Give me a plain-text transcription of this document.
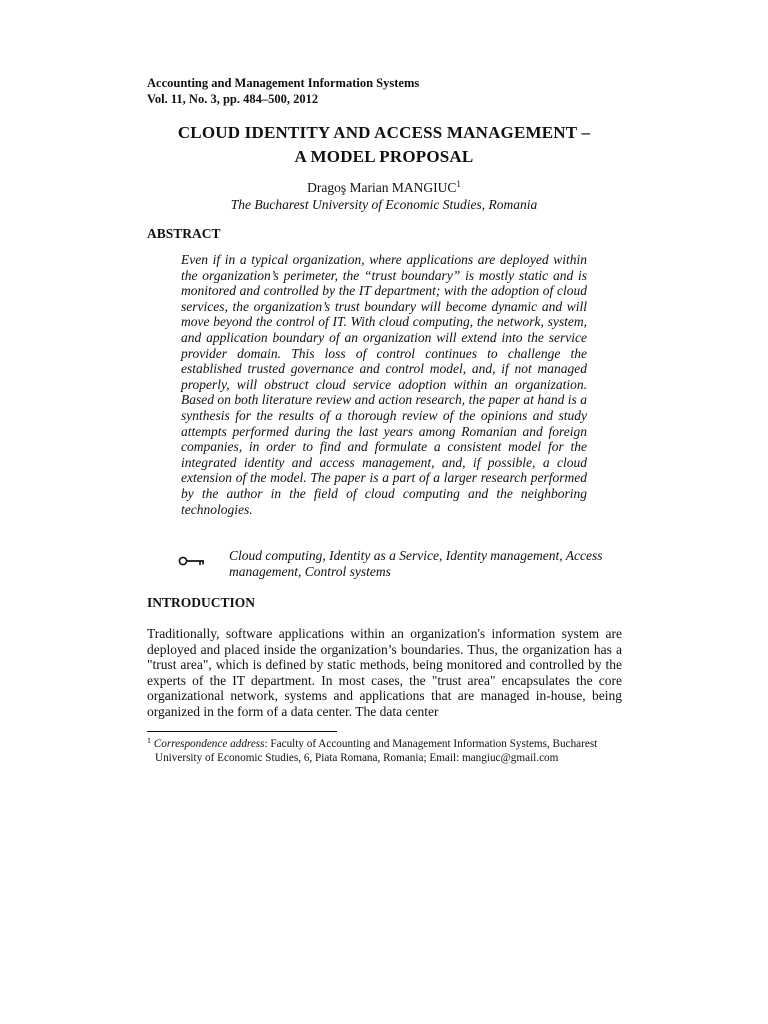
Accounting and Management Information Systems
Vol. 11, No. 3, pp. 484–500, 2012
CLOUD IDENTITY AND ACCESS MANAGEMENT –
A MODEL PROPOSAL
Dragoş Marian MANGIUC$^1$
The Bucharest University of Economic Studies, Romania
ABSTRACT
Even if in a typical organization, where applications are deployed within the organization’s perimeter, the “trust boundary” is mostly static and is monitored and controlled by the IT department; with the adoption of cloud services, the organization’s trust boundary will become dynamic and will move beyond the control of IT. With cloud computing, the network, system, and application boundary of an organization will extend into the service provider domain. This loss of control continues to challenge the established trusted governance and control model, and, if not managed properly, will obstruct cloud service adoption within an organization. Based on both literature review and action research, the paper at hand is a synthesis for the results of a thorough review of the opinions and study attempts performed during the last years among Romanian and foreign companies, in order to find and formulate a consistent model for the integrated identity and access management, and, if possible, a cloud extension of the model. The paper is a part of a larger research performed by the author in the field of cloud computing and the neighboring technologies.
Cloud computing, Identity as a Service, Identity management, Access management, Control systems
INTRODUCTION
Traditionally, software applications within an organization's information system are deployed and placed inside the organization’s boundaries. Thus, the organization has a "trust area", which is defined by static methods, being monitored and controlled by the experts of the IT department. In most cases, the "trust area" encapsulates the core organizational network, systems and applications that are managed in-house, being organized in the form of a data center. The data center
$^1$ Correspondence address: Faculty of Accounting and Management Information Systems, Bucharest
University of Economic Studies, 6, Piata Romana, Romania; Email: mangiuc@gmail.com
